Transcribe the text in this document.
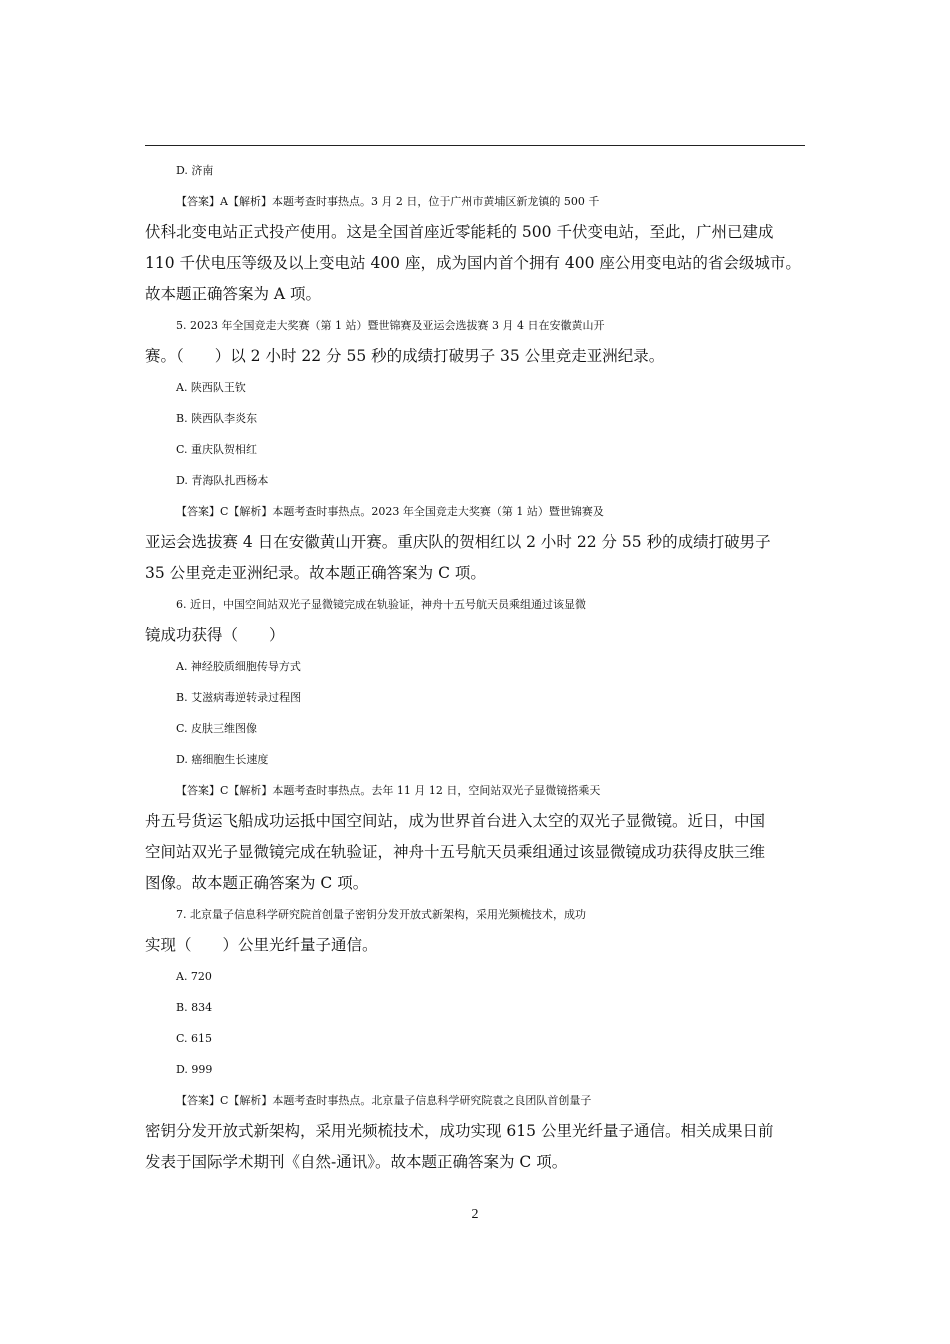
D. 济南

【答案】A【解析】本题考查时事热点。3 月 2 日，位于广州市黄埔区新龙镇的 500 千

伏科北变电站正式投产使用。这是全国首座近零能耗的 500 千伏变电站，至此，广州已建成

110 千伏电压等级及以上变电站 400 座，成为国内首个拥有 400 座公用变电站的省会级城市。

故本题正确答案为 A 项。

5. 2023 年全国竞走大奖赛（第 1 站）暨世锦赛及亚运会选拔赛 3 月 4 日在安徽黄山开

赛。（　　）以 2 小时 22 分 55 秒的成绩打破男子 35 公里竞走亚洲纪录。

A. 陕西队王钦

B. 陕西队李炎东

C. 重庆队贺相红

D. 青海队扎西杨本

【答案】C【解析】本题考查时事热点。2023 年全国竞走大奖赛（第 1 站）暨世锦赛及

亚运会选拔赛 4 日在安徽黄山开赛。重庆队的贺相红以 2 小时 22 分 55 秒的成绩打破男子

35 公里竞走亚洲纪录。故本题正确答案为 C 项。

6. 近日，中国空间站双光子显微镜完成在轨验证，神舟十五号航天员乘组通过该显微

镜成功获得（　　）

A. 神经胶质细胞传导方式

B. 艾滋病毒逆转录过程图

C. 皮肤三维图像

D. 癌细胞生长速度

【答案】C【解析】本题考查时事热点。去年 11 月 12 日，空间站双光子显微镜搭乘天

舟五号货运飞船成功运抵中国空间站，成为世界首台进入太空的双光子显微镜。近日，中国

空间站双光子显微镜完成在轨验证，神舟十五号航天员乘组通过该显微镜成功获得皮肤三维

图像。故本题正确答案为 C 项。

7. 北京量子信息科学研究院首创量子密钥分发开放式新架构，采用光频梳技术，成功

实现（　　）公里光纤量子通信。

A. 720

B. 834

C. 615

D. 999

【答案】C【解析】本题考查时事热点。北京量子信息科学研究院袁之良团队首创量子

密钥分发开放式新架构，采用光频梳技术，成功实现 615 公里光纤量子通信。相关成果日前

发表于国际学术期刊《自然-通讯》。故本题正确答案为 C 项。

2
